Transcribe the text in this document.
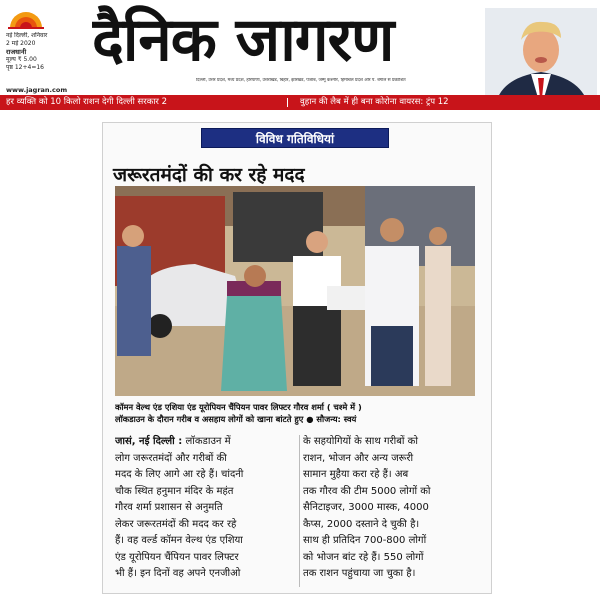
नई दिल्ली, शनिवार
2 मई 2020
राजधानी
मूल्य ₹ 5.00
पृष्ठ 12+4=16 दैनिक जागरण
दिल्ली, उत्तर प्रदेश, मध्य प्रदेश, हरियाणा, उत्तराखंड, बिहार, झारखंड, पंजाब, जम्मू कश्मीर, हिमाचल प्रदेश और प. बंगाल से प्रकाशित
www.jagran.com
हर व्यक्ति को 10 किलो राशन देगी दिल्ली सरकार 2	वुहान की लैब में ही बना कोरोना वायरस: ट्रंप 12
विविध गतिविधियां
जरूरतमंदों की कर रहे मदद
कॉमन वेल्थ एंड एशिया एंड यूरोपियन चैंपियन पावर लिफ्टर गौरव शर्मा ( चश्मे में )
लॉकडाउन के दौरान गरीब व असहाय लोगों को खाना बांटते हुए ● सौजन्य: स्वयं
जासं, नई दिल्ली : लॉकडाउन में
लोग जरूरतमंदों और गरीबों की
मदद के लिए आगे आ रहे हैं। चांदनी
चौक स्थित हनुमान मंदिर के महंत
गौरव शर्मा प्रशासन से अनुमति
लेकर जरूरतमंदों की मदद कर रहे
हैं। वह वर्ल्ड कॉमन वेल्थ एंड एशिया
एंड यूरोपियन चैंपियन पावर लिफ्टर
भी हैं। इन दिनों वह अपने एनजीओ
के सहयोगियों के साथ गरीबों को
राशन, भोजन और अन्य जरूरी
सामान मुहैया करा रहे हैं। अब
तक गौरव की टीम 5000 लोगों को
सैनिटाइजर, 3000 मास्क, 4000
कैप्स, 2000 दस्ताने दे चुकी है।
साथ ही प्रतिदिन 700-800 लोगों
को भोजन बांट रहे हैं। 550 लोगों
तक राशन पहुंचाया जा चुका है।
